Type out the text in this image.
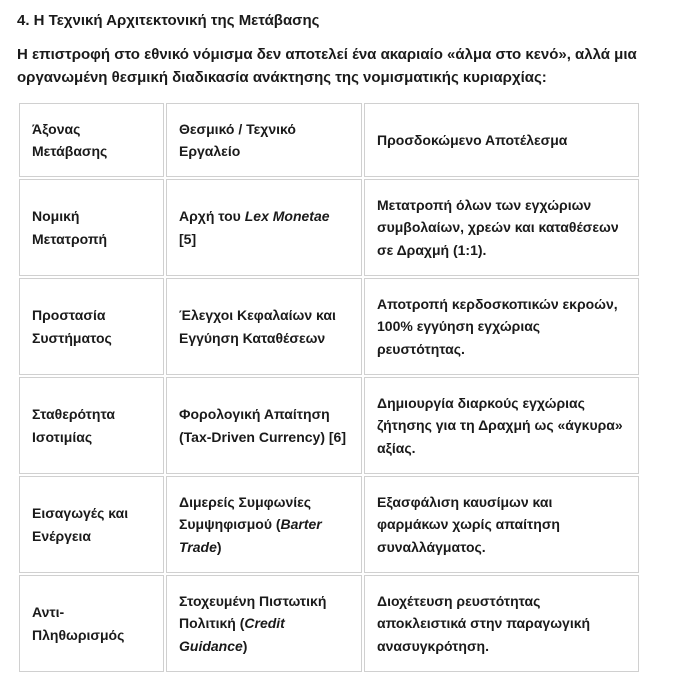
4. Η Τεχνική Αρχιτεκτονική της Μετάβασης
Η επιστροφή στο εθνικό νόμισμα δεν αποτελεί ένα ακαριαίο «άλμα στο κενό», αλλά μια οργανωμένη θεσμική διαδικασία ανάκτησης της νομισματικής κυριαρχίας:
Άξονας Μετάβασης	Θεσμικό / Τεχνικό Εργαλείο	Προσδοκώμενο Αποτέλεσμα
Νομική Μετατροπή	Αρχή του Lex Monetae [5]	Μετατροπή όλων των εγχώριων συμβολαίων, χρεών και καταθέσεων σε Δραχμή (1:1).
Προστασία Συστήματος	Έλεγχοι Κεφαλαίων και Εγγύηση Καταθέσεων	Αποτροπή κερδοσκοπικών εκροών, 100% εγγύηση εγχώριας ρευστότητας.
Σταθερότητα Ισοτιμίας	Φορολογική Απαίτηση (Tax-Driven Currency) [6]	Δημιουργία διαρκούς εγχώριας ζήτησης για τη Δραχμή ως «άγκυρα» αξίας.
Εισαγωγές και Ενέργεια	Διμερείς Συμφωνίες Συμψηφισμού (Barter Trade)	Εξασφάλιση καυσίμων και φαρμάκων χωρίς απαίτηση συναλλάγματος.
Αντι-Πληθωρισμός	Στοχευμένη Πιστωτική Πολιτική (Credit Guidance)	Διοχέτευση ρευστότητας αποκλειστικά στην παραγωγική ανασυγκρότηση.
